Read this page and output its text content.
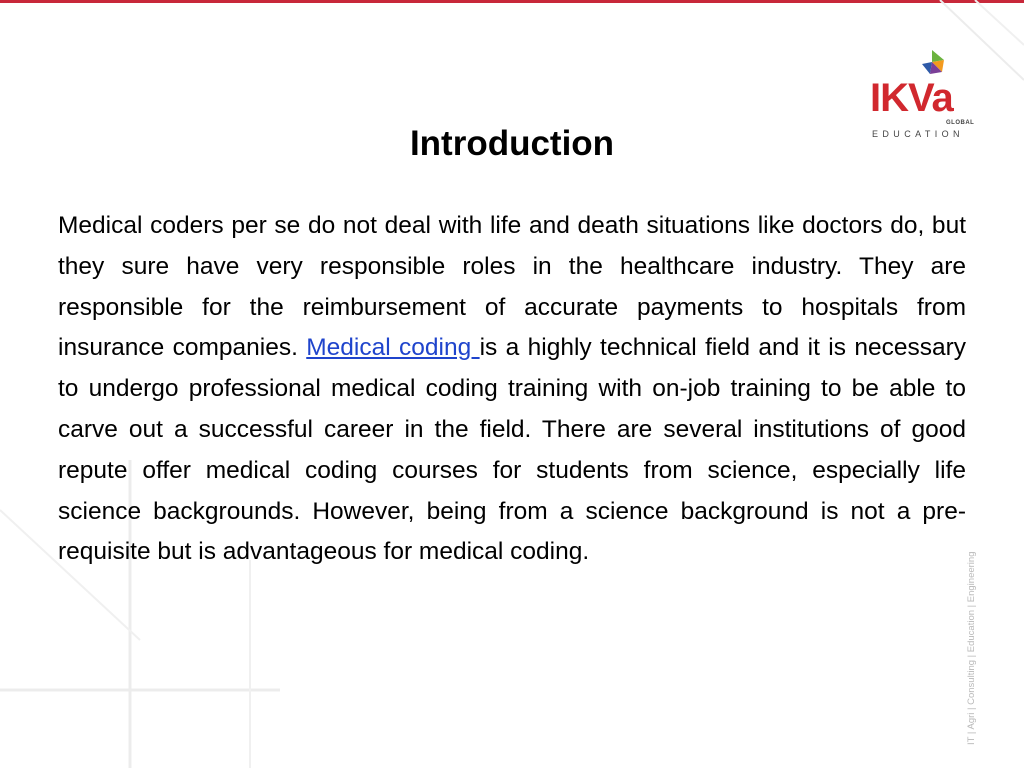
IKVa
GLOBAL
EDUCATION
Introduction

Medical coders per se do not deal with life and death situations like doctors do, but they sure have very responsible roles in the healthcare industry. They are responsible for the reimbursement of accurate payments to hospitals from insurance companies. Medical coding is a highly technical field and it is necessary to undergo professional medical coding training with on-job training to be able to carve out a successful career in the field. There are several institutions of good repute offer medical coding courses for students from science, especially life science backgrounds. However, being from a science background is not a pre-requisite but is advantageous for medical coding.	IT | Agri | Consulting | Education | Engineering
